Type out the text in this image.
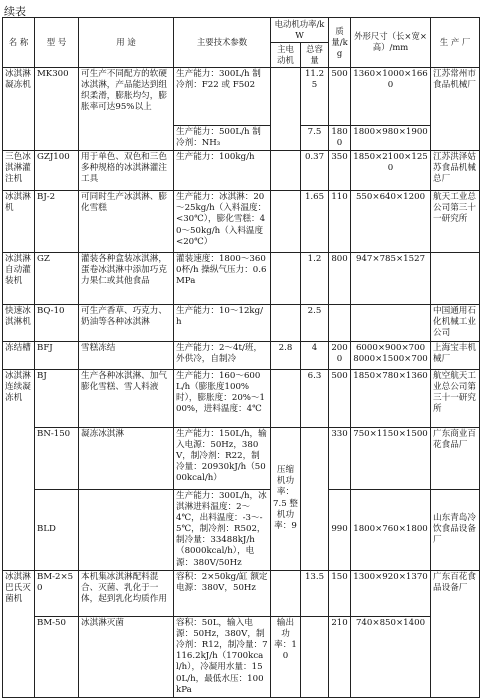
续表
名 称	型 号	用 途	主要技术参数	电动机功率/kW		质量/kg	外形尺寸（长×宽×高）/mm	生 产 厂
				主电动机	总容量			
冰淇淋凝冻机	MK300	可生产不同配方的软硬冰淇淋，产品能达到组织柔滑，膨胀均匀，膨胀率可达95%以上	生产能力：300L/h 制冷剂：F22 或 F502		11.25	500	1360×1000×1660	江苏常州市食品机械厂
			生产能力：500L/h 制冷剂：NH₃		7.5	1800	1800×980×1900	
三色冰淇淋灌注机	GZJ100	用于单色、双色和三色多种规格的冰淇淋灌注工具	生产能力：100kg/h		0.37	350	1850×2100×1250	江苏洪泽姑苏食品机械总厂
冰淇淋机	BJ-2	可同时生产冰淇淋、膨化雪糕	生产能力：冰淇淋：20～25kg/h（入料温度：<30℃），膨化雪糕：40～50kg/h（入料温度 <20℃）		1.65	110	550×640×1200	航天工业总公司第三十一研究所
冰淇淋自动灌装机	GZ	灌装各种盒装冰淇淋，蛋卷冰淇淋中添加巧克力果仁或其他食品	灌装速度：1800～3600杯/h 操纵气压力：0.6MPa		1.2	800	947×785×1527	
快速冰淇淋机	BQ-10	可生产香草、巧克力、奶油等各种冰淇淋	生产能力：10～12kg/h		2.5			中国通用石化机械工业公司
冻结槽	BFJ	雪糕冻结	生产能力：2～4t/班，外供冷，自制冷	2.8	4	2000	6000×900×700 8000×1500×700	上海宝丰机械厂
冰淇淋连续凝冻机	BJ	生产各种冰淇淋、加气膨化雪糕、雪人料液	生产能力：160～600L/h（膨胀度100%时），膨胀度：20%～100%，进料温度：4℃		6.3	500	1850×780×1360	航空航天工业总公司第三十一研究所
	BN-150	凝冻冰淇淋	生产能力：150L/h，输入电源：50Hz，380V，制冷剂：R22，制冷量：20930kJ/h（5000kcal/h）	压缩机功率：7.5 整机功率：9		330	750×1150×1500	广东商业百花食品厂
	BLD		生产能力：300L/h，冰淇淋进料温度：2～4℃，出料温度：-3～-5℃，制冷剂：R502，制冷量：33488kJ/h（8000kcal/h），电源：380V/50Hz			990	1800×760×1800	山东青岛冷饮食品设备厂
冰淇淋巴氏灭菌机	BM-2×50	本机集冰淇淋配料混合、灭菌、乳化于一体，起到乳化均质作用	容积：2×50kg/缸 额定电源：380V，50Hz		13.5	150	1300×920×1370	广东百花食品设备厂
	BM-50	冰淇淋灭菌	容积：50L，输入电源：50Hz，380V，制冷剂：R12，制冷量：7116.2kJ/h（1700kcal/h），冷凝用水量：150L/h，最低水压：100kPa	输出功率：10		210	740×850×1400	
